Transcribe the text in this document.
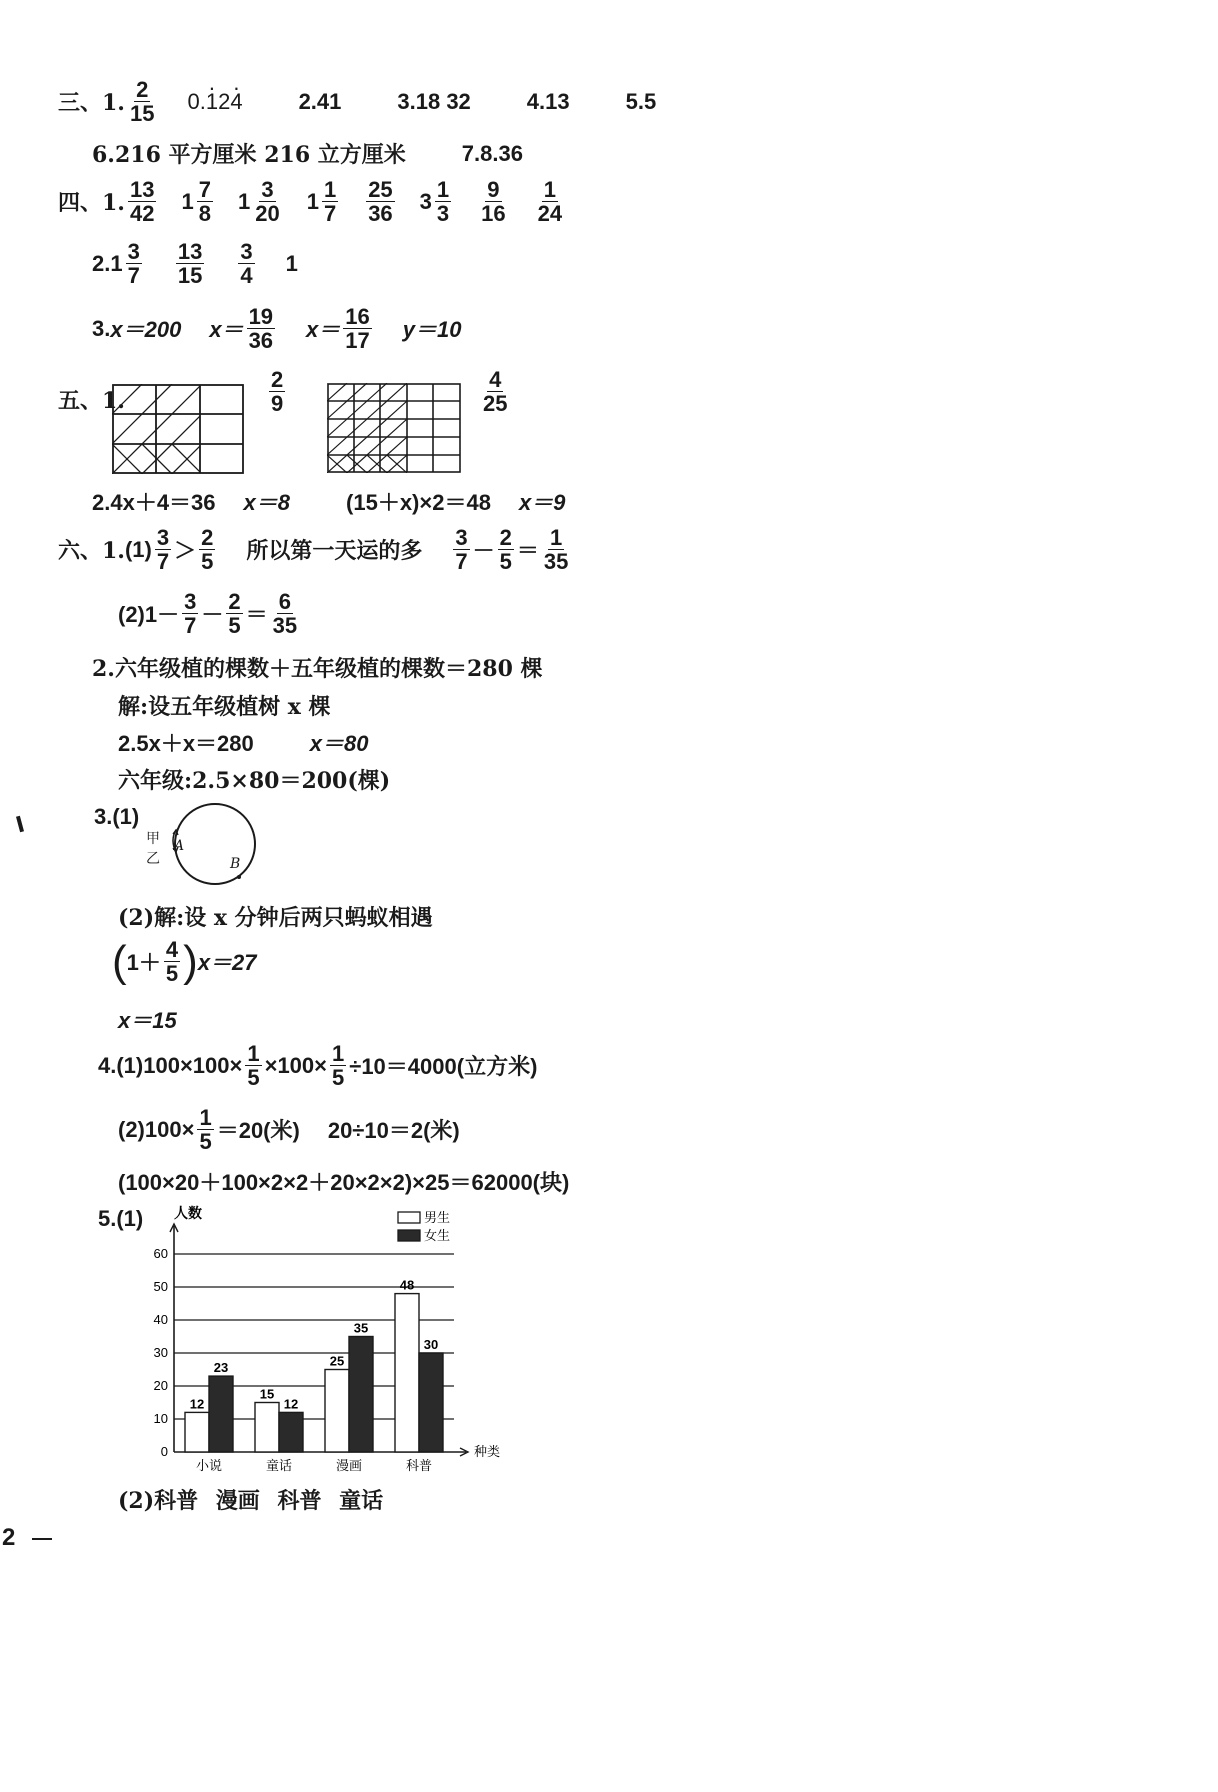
三、1. $\frac{2}{15} 0.\cdot 12\cdot 4$	2.41	3.18 32	4.13	5.5
6.216 平方厘米 216 立方厘米	7.8.36
四、1. $\frac{13}{42} 1 \frac{7}{8} 1 \frac{3}{20} 1 \frac{1}{7} \frac{25}{36} 3 \frac{1}{3} \frac{9}{16} \frac{1}{24}$
2. $1 \frac{3}{7} \frac{13}{15} \frac{3}{4} 1$
3. x＝200 $x= \frac{19}{36} x= \frac{16}{17} y=10$
五、1.	$\frac{2}{9}$	$\frac{4}{25}$
2.4x＋4＝36 x＝8	(15＋x)×2＝48 x＝9
六、1. $(1) \frac{3}{7} > \frac{2}{5}$ 所以第一天运的多 $\frac{3}{7} - \frac{2}{5} = \frac{1}{35}$
$(2)1- \frac{3}{7} - \frac{2}{5} = \frac{6}{35}$
2.六年级植的棵数＋五年级植的棵数＝280 棵
解:设五年级植树 x 棵
2.5x＋x＝280	x＝80
六年级:2.5×80＝200(棵)
3.(1)
甲
乙
A
B
(2)解:设 x 分钟后两只蚂蚁相遇
( $1+ \frac{4}{5}$ ) x＝27
x＝15
$4.(1)100\times 100\times \frac{1}{5} \times 100\times \frac{1}{5} \div 10=4000$(立方米)
$(2)100\times \frac{1}{5} =20$(米) 20÷10＝2(米)
(100×20＋100×2×2＋20×2×2)×25＝62000(块)
5.(1) 人数
种类
0
10
20
30
40
50
60
12
23
小说
15
12
童话
25
35
漫画
48
30
科普
男生
女生
(2)科普 漫画 科普 童话
2
